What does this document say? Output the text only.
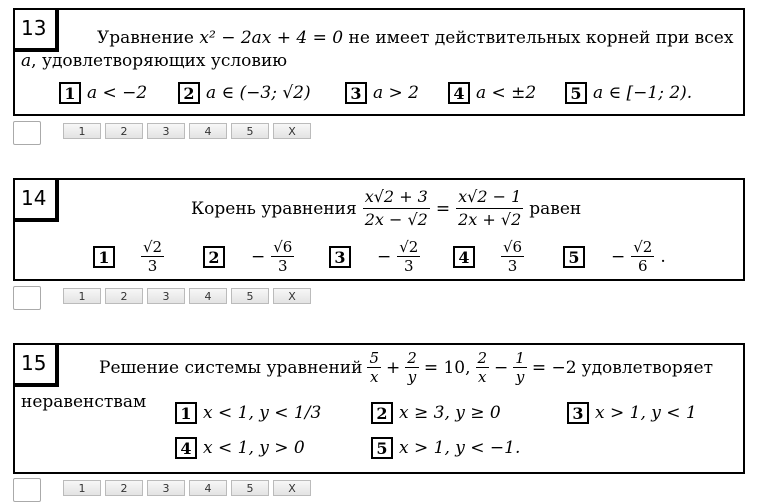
13	Уравнение x² − 2ax + 4 = 0 не имеет действительных корней при всех
a, удовлетворяющих условию
1 a < −2	2 a ∈ (−3; √2)	3 a > 2	4 a < ±2	5 a ∈ [−1; 2).
1	2	3	4	5	X
14	Корень уравнения $\frac{x√2 + 3}{2x - √2} = \frac{x√2 - 1}{2x + √2}$ равен
1	$\frac{√2}{3}$	2	− $\frac{√6}{3}$	3	− $\frac{√2}{3}$	4	$\frac{√6}{3}$	5	− $\frac{√2}{6}$ .
1	2	3	4	5	X
15	Решение системы уравнений $\frac{5}{x} + \frac{2}{y} = 10$, $\frac{2}{x} - \frac{1}{y} = -2$ удовлетворяет
неравенствам
1 x < 1, y < 1/3	2 x ≥ 3, y ≥ 0	3 x > 1, y < 1
4 x < 1, y > 0	5 x > 1, y < −1.
1	2	3	4	5	X
